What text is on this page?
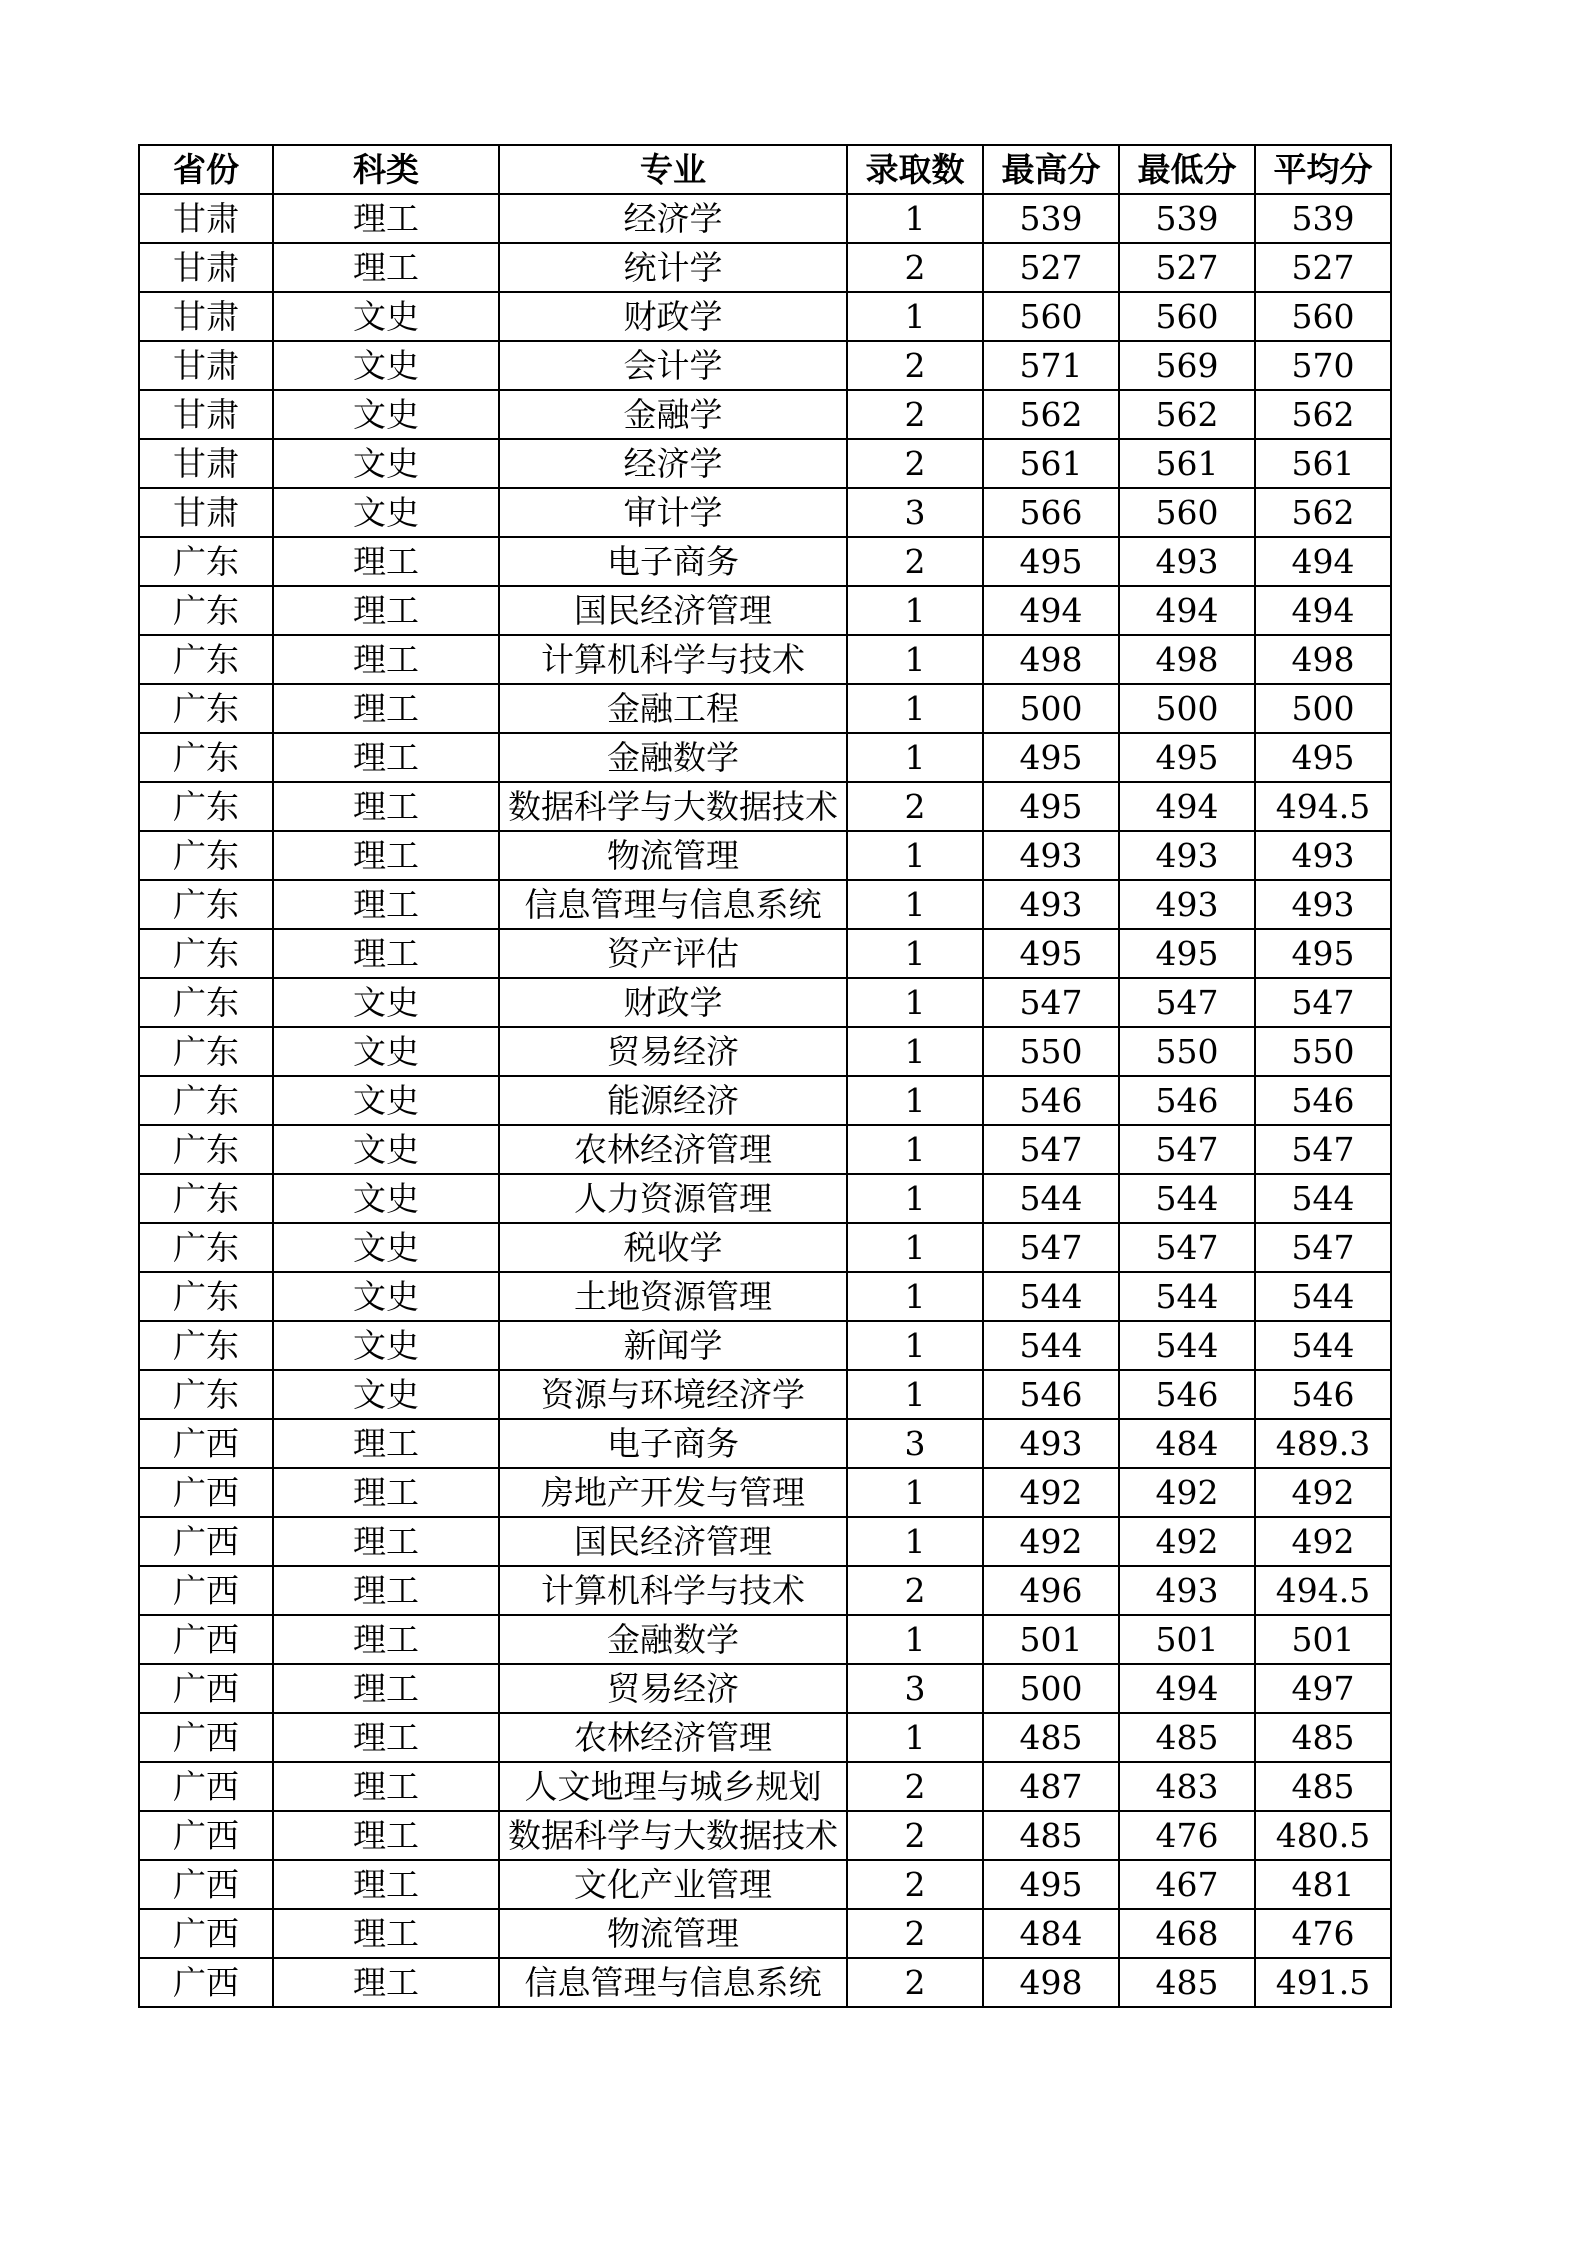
省份	科类	专业	录取数	最高分	最低分	平均分
甘肃	理工	经济学	1	539	539	539
甘肃	理工	统计学	2	527	527	527
甘肃	文史	财政学	1	560	560	560
甘肃	文史	会计学	2	571	569	570
甘肃	文史	金融学	2	562	562	562
甘肃	文史	经济学	2	561	561	561
甘肃	文史	审计学	3	566	560	562
广东	理工	电子商务	2	495	493	494
广东	理工	国民经济管理	1	494	494	494
广东	理工	计算机科学与技术	1	498	498	498
广东	理工	金融工程	1	500	500	500
广东	理工	金融数学	1	495	495	495
广东	理工	数据科学与大数据技术	2	495	494	494.5
广东	理工	物流管理	1	493	493	493
广东	理工	信息管理与信息系统	1	493	493	493
广东	理工	资产评估	1	495	495	495
广东	文史	财政学	1	547	547	547
广东	文史	贸易经济	1	550	550	550
广东	文史	能源经济	1	546	546	546
广东	文史	农林经济管理	1	547	547	547
广东	文史	人力资源管理	1	544	544	544
广东	文史	税收学	1	547	547	547
广东	文史	土地资源管理	1	544	544	544
广东	文史	新闻学	1	544	544	544
广东	文史	资源与环境经济学	1	546	546	546
广西	理工	电子商务	3	493	484	489.3
广西	理工	房地产开发与管理	1	492	492	492
广西	理工	国民经济管理	1	492	492	492
广西	理工	计算机科学与技术	2	496	493	494.5
广西	理工	金融数学	1	501	501	501
广西	理工	贸易经济	3	500	494	497
广西	理工	农林经济管理	1	485	485	485
广西	理工	人文地理与城乡规划	2	487	483	485
广西	理工	数据科学与大数据技术	2	485	476	480.5
广西	理工	文化产业管理	2	495	467	481
广西	理工	物流管理	2	484	468	476
广西	理工	信息管理与信息系统	2	498	485	491.5
